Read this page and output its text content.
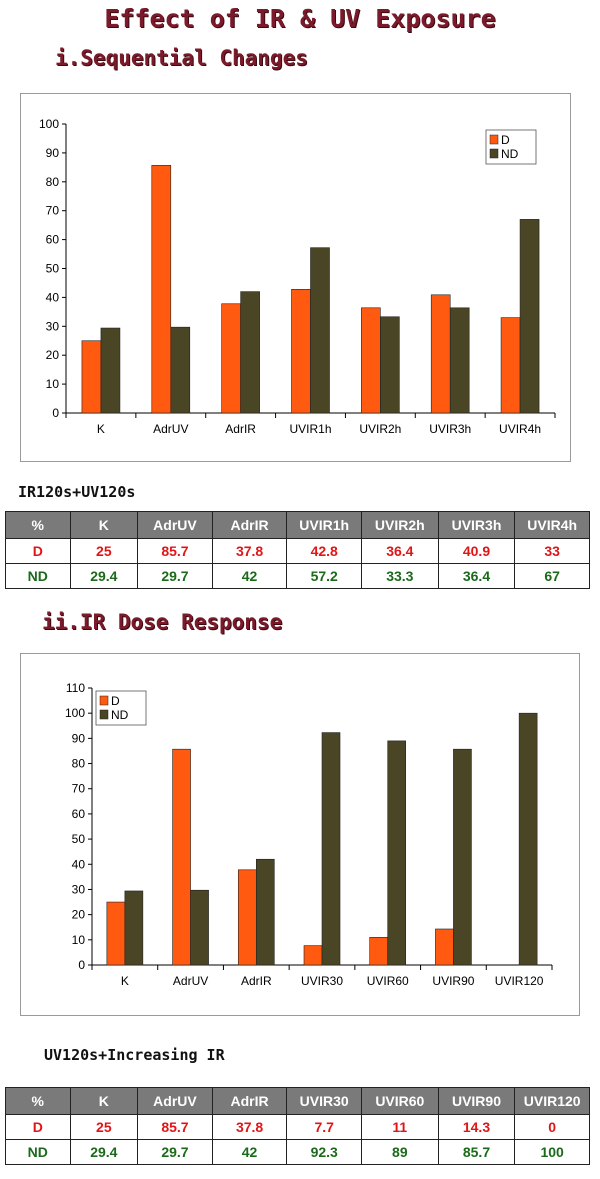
Effect of IR & UV Exposure
i.Sequential Changes
0
10
20
30
40
50
60
70
80
90
100
K	AdrUV	AdrIR	UVIR1h UVIR2h UVIR3h UVIR4h
D
ND
IR120s+UV120s
%	K	AdrUV	AdrIR	UVIR1h	UVIR2h	UVIR3h	UVIR4h
D	25	85.7	37.8	42.8	36.4	40.9	33
ND	29.4	29.7	42	57.2	33.3	36.4	67
ii.IR Dose Response
0
10
20
30
40
50
60
70
80
90
100
110
K	AdrUV	AdrIR UVIR30 UVIR60 UVIR90 UVIR120
D
ND
UV120s+Increasing IR
%	K	AdrUV	AdrIR	UVIR30	UVIR60	UVIR90	UVIR120
D	25	85.7	37.8	7.7	11	14.3	0
ND	29.4	29.7	42	92.3	89	85.7	100
